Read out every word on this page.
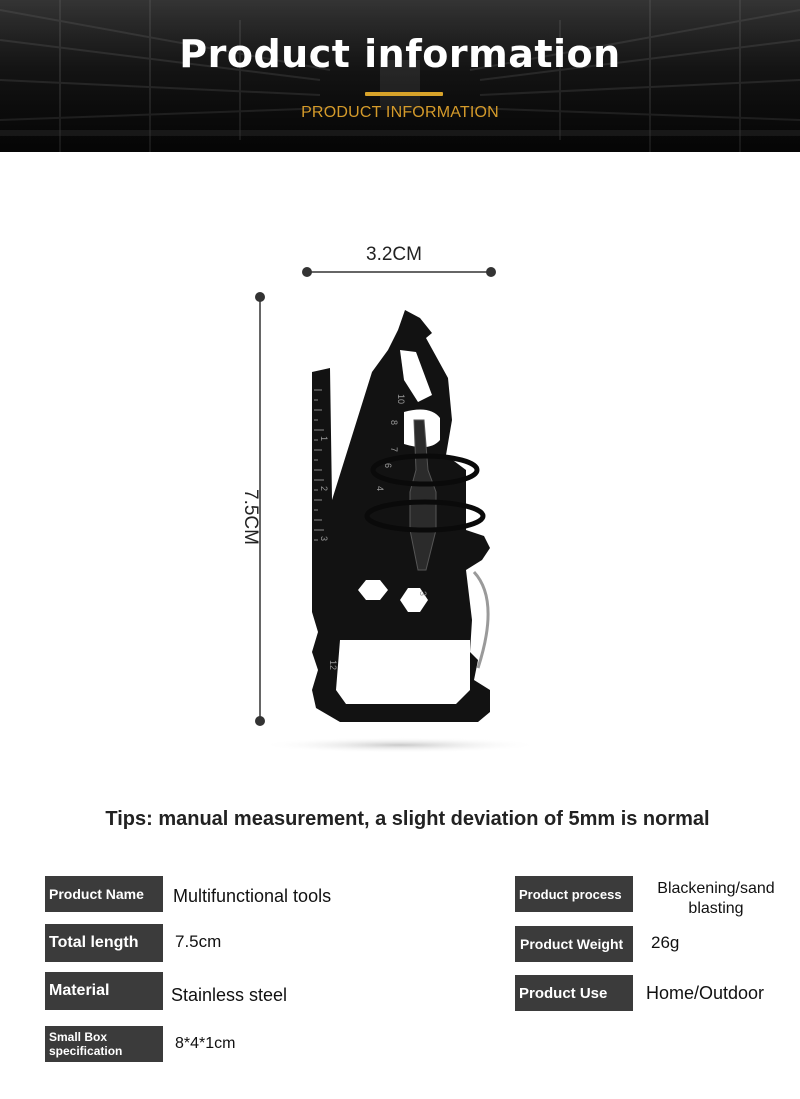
Product information
PRODUCT INFORMATION
1
2
3
10
8
7
6
4
3
12
3.2CM
7.5CM
Tips: manual measurement, a slight deviation of 5mm is normal
Product Name	Multifunctional tools
Total length	7.5cm
Material	Stainless steel
Small Box specification	8*4*1cm
Product process	Blackening/sand blasting
Product Weight	26g
Product Use	Home/Outdoor
